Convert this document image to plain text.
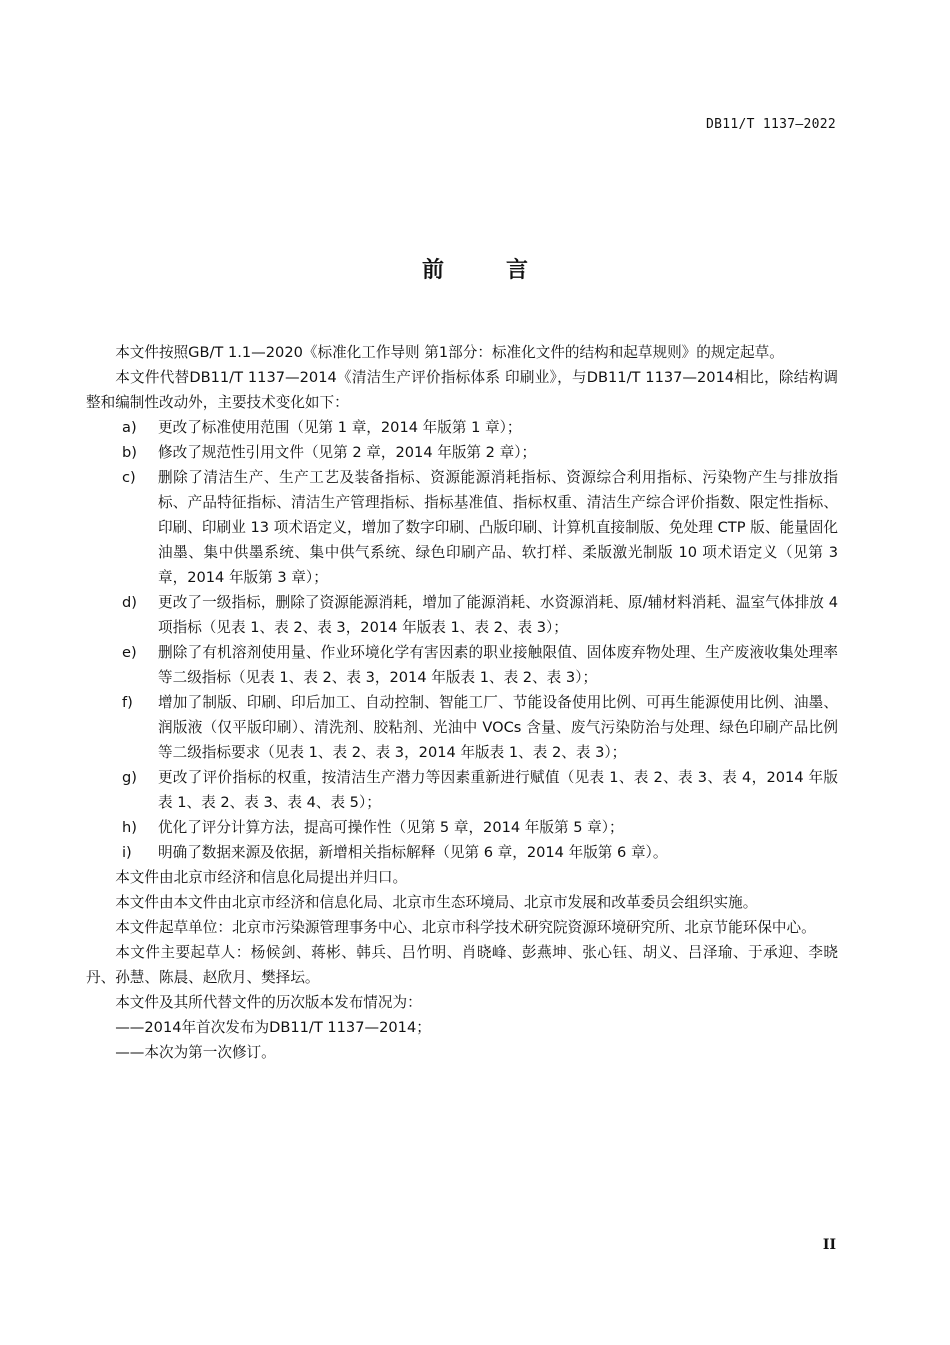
DB11/T 1137—2022
前	言

本文件按照GB/T 1.1—2020《标准化工作导则 第1部分：标准化文件的结构和起草规则》的规定起草。

本文件代替DB11/T 1137—2014《清洁生产评价指标体系 印刷业》，与DB11/T 1137—2014相比，除结构调整和编制性改动外，主要技术变化如下：

a)	更改了标准使用范围（见第 1 章，2014 年版第 1 章）；
b)	修改了规范性引用文件（见第 2 章，2014 年版第 2 章）；
c)	删除了清洁生产、生产工艺及装备指标、资源能源消耗指标、资源综合利用指标、污染物产生与排放指标、产品特征指标、清洁生产管理指标、指标基准值、指标权重、清洁生产综合评价指数、限定性指标、印刷、印刷业 13 项术语定义，增加了数字印刷、凸版印刷、计算机直接制版、免处理 CTP 版、能量固化油墨、集中供墨系统、集中供气系统、绿色印刷产品、软打样、柔版激光制版 10 项术语定义（见第 3 章，2014 年版第 3 章）；
d)	更改了一级指标，删除了资源能源消耗，增加了能源消耗、水资源消耗、原/辅材料消耗、温室气体排放 4 项指标（见表 1、表 2、表 3，2014 年版表 1、表 2、表 3）；
e)	删除了有机溶剂使用量、作业环境化学有害因素的职业接触限值、固体废弃物处理、生产废液收集处理率等二级指标（见表 1、表 2、表 3，2014 年版表 1、表 2、表 3）；
f)	增加了制版、印刷、印后加工、自动控制、智能工厂、节能设备使用比例、可再生能源使用比例、油墨、润版液（仅平版印刷）、清洗剂、胶粘剂、光油中 VOCs 含量、废气污染防治与处理、绿色印刷产品比例等二级指标要求（见表 1、表 2、表 3，2014 年版表 1、表 2、表 3）；
g)	更改了评价指标的权重，按清洁生产潜力等因素重新进行赋值（见表 1、表 2、表 3、表 4，2014 年版表 1、表 2、表 3、表 4、表 5）；
h)	优化了评分计算方法，提高可操作性（见第 5 章，2014 年版第 5 章）；
i)	明确了数据来源及依据，新增相关指标解释（见第 6 章，2014 年版第 6 章）。

本文件由北京市经济和信息化局提出并归口。

本文件由本文件由北京市经济和信息化局、北京市生态环境局、北京市发展和改革委员会组织实施。

本文件起草单位：北京市污染源管理事务中心、北京市科学技术研究院资源环境研究所、北京节能环保中心。

本文件主要起草人：杨候剑、蒋彬、韩兵、吕竹明、肖晓峰、彭燕坤、张心钰、胡义、吕泽瑜、于承迎、李晓丹、孙慧、陈晨、赵欣月、樊择坛。

本文件及其所代替文件的历次版本发布情况为：

——2014年首次发布为DB11/T 1137—2014；

——本次为第一次修订。

II
